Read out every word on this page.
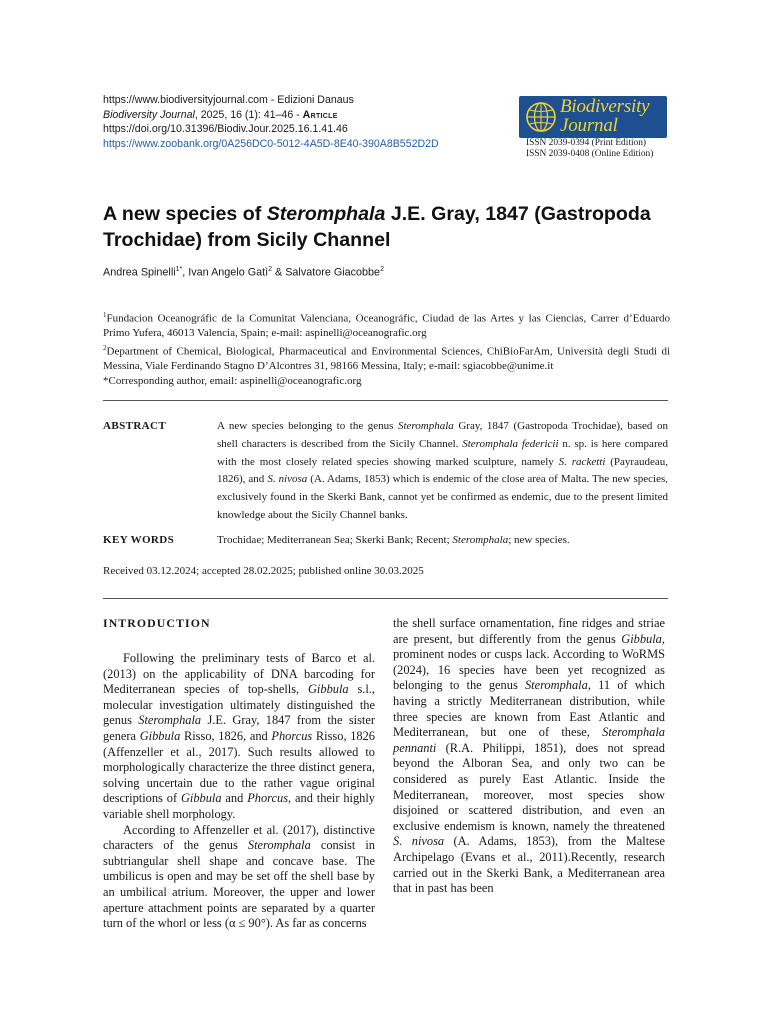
https://www.biodiversityjournal.com - Edizioni Danaus
Biodiversity Journal, 2025, 16 (1): 41–46 - Article
https://doi.org/10.31396/Biodiv.Jour.2025.16.1.41.46
https://www.zoobank.org/0A256DC0-5012-4A5D-8E40-390A8B552D2D
Biodiversity
Journal
ISSN 2039-0394 (Print Edition)
ISSN 2039-0408 (Online Edition)
A new species of Steromphala J.E. Gray, 1847 (Gastropoda Trochidae) from Sicily Channel
Andrea Spinelli$^{1*}$, Ivan Angelo Gatì$^2$ & Salvatore Giacobbe$^2$

$^1$Fundacion Oceanográfic de la Comunitat Valenciana, Oceanográfic, Ciudad de las Artes y las Ciencias, Carrer d’Eduardo Primo Yufera, 46013 Valencia, Spain; e-mail: aspinelli@oceanografic.org

$^2$Department of Chemical, Biological, Pharmaceutical and Environmental Sciences, ChiBioFarAm, Università degli Studi di Messina, Viale Ferdinando Stagno D’Alcontres 31, 98166 Messina, Italy; e-mail: sgiacobbe@unime.it

*Corresponding author, email: aspinelli@oceanografic.org

ABSTRACT	A new species belonging to the genus Steromphala Gray, 1847 (Gastropoda Trochidae), based on shell characters is described from the Sicily Channel. Steromphala federicii n. sp. is here compared with the most closely related species showing marked sculpture, namely S. racketti (Payraudeau, 1826), and S. nivosa (A. Adams, 1853) which is endemic of the close area of Malta. The new species, exclusively found in the Skerki Bank, cannot yet be confirmed as endemic, due to the present limited knowledge about the Sicily Channel banks.
KEY WORDS	Trochidae; Mediterranean Sea; Skerki Bank; Recent; Steromphala; new species.
Received 03.12.2024; accepted 28.02.2025; published online 30.03.2025

INTRODUCTION

Following the preliminary tests of Barco et al. (2013) on the applicability of DNA barcoding for Mediterranean species of top-shells, Gibbula s.l., molecular investigation ultimately distinguished the genus Steromphala J.E. Gray, 1847 from the sister genera Gibbula Risso, 1826, and Phorcus Risso, 1826 (Affenzeller et al., 2017). Such results allowed to morphologically characterize the three distinct genera, solving uncertain due to the rather vague original descriptions of Gibbula and Phorcus, and their highly variable shell morphology.

According to Affenzeller et al. (2017), distinctive characters of the genus Steromphala consist in subtriangular shell shape and concave base. The umbilicus is open and may be set off the shell base by an umbilical atrium. Moreover, the upper and lower aperture attachment points are separated by a quarter turn of the whorl or less (α ≤ 90°). As far as concerns

the shell surface ornamentation, fine ridges and striae are present, but differently from the genus Gibbula, prominent nodes or cusps lack. According to WoRMS (2024), 16 species have been yet recognized as belonging to the genus Steromphala, 11 of which having a strictly Mediterranean distribution, while three species are known from East Atlantic and Mediterranean, but one of these, Steromphala pennanti (R.A. Philippi, 1851), does not spread beyond the Alboran Sea, and only two can be considered as purely East Atlantic. Inside the Mediterranean, moreover, most species show disjoined or scattered distribution, and even an exclusive endemism is known, namely the threatened S. nivosa (A. Adams, 1853), from the Maltese Archipelago (Evans et al., 2011).Recently, research carried out in the Skerki Bank, a Mediterranean area that in past has been
